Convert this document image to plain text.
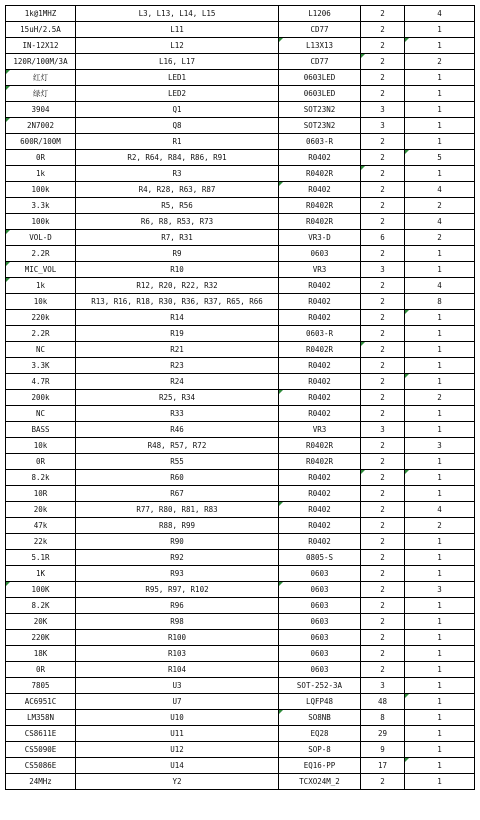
1k@1MHZ	L3, L13, L14, L15	L1206	2	4
15uH/2.5A	L11	CD77	2	1
IN-12X12	L12	L13X13	2	1
120R/100M/3A	L16, L17	CD77	2	2
红灯	LED1	0603LED	2	1
绿灯	LED2	0603LED	2	1
3904	Q1	SOT23N2	3	1
2N7002	Q8	SOT23N2	3	1
600R/100M	R1	0603-R	2	1
0R	R2, R64, R84, R86, R91	R0402	2	5
1k	R3	R0402R	2	1
100k	R4, R28, R63, R87	R0402	2	4
3.3k	R5, R56	R0402R	2	2
100k	R6, R8, R53, R73	R0402R	2	4
VOL-D	R7, R31	VR3-D	6	2
2.2R	R9	0603	2	1
MIC_VOL	R10	VR3	3	1
1k	R12, R20, R22, R32	R0402	2	4
10k	R13, R16, R18, R30, R36, R37, R65, R66	R0402	2	8
220k	R14	R0402	2	1
2.2R	R19	0603-R	2	1
NC	R21	R0402R	2	1
3.3K	R23	R0402	2	1
4.7R	R24	R0402	2	1
200k	R25, R34	R0402	2	2
NC	R33	R0402	2	1
BASS	R46	VR3	3	1
10k	R48, R57, R72	R0402R	2	3
0R	R55	R0402R	2	1
8.2k	R60	R0402	2	1
10R	R67	R0402	2	1
20k	R77, R80, R81, R83	R0402	2	4
47k	R88, R99	R0402	2	2
22k	R90	R0402	2	1
5.1R	R92	0805-S	2	1
1K	R93	0603	2	1
100K	R95, R97, R102	0603	2	3
8.2K	R96	0603	2	1
20K	R98	0603	2	1
220K	R100	0603	2	1
18K	R103	0603	2	1
0R	R104	0603	2	1
7805	U3	SOT-252-3A	3	1
AC6951C	U7	LQFP48	48	1
LM358N	U10	SO8NB	8	1
CS8611E	U11	EQ28	29	1
CS5090E	U12	SOP-8	9	1
CS5086E	U14	EQ16-PP	17	1
24MHz	Y2	TCXO24M_2	2	1
